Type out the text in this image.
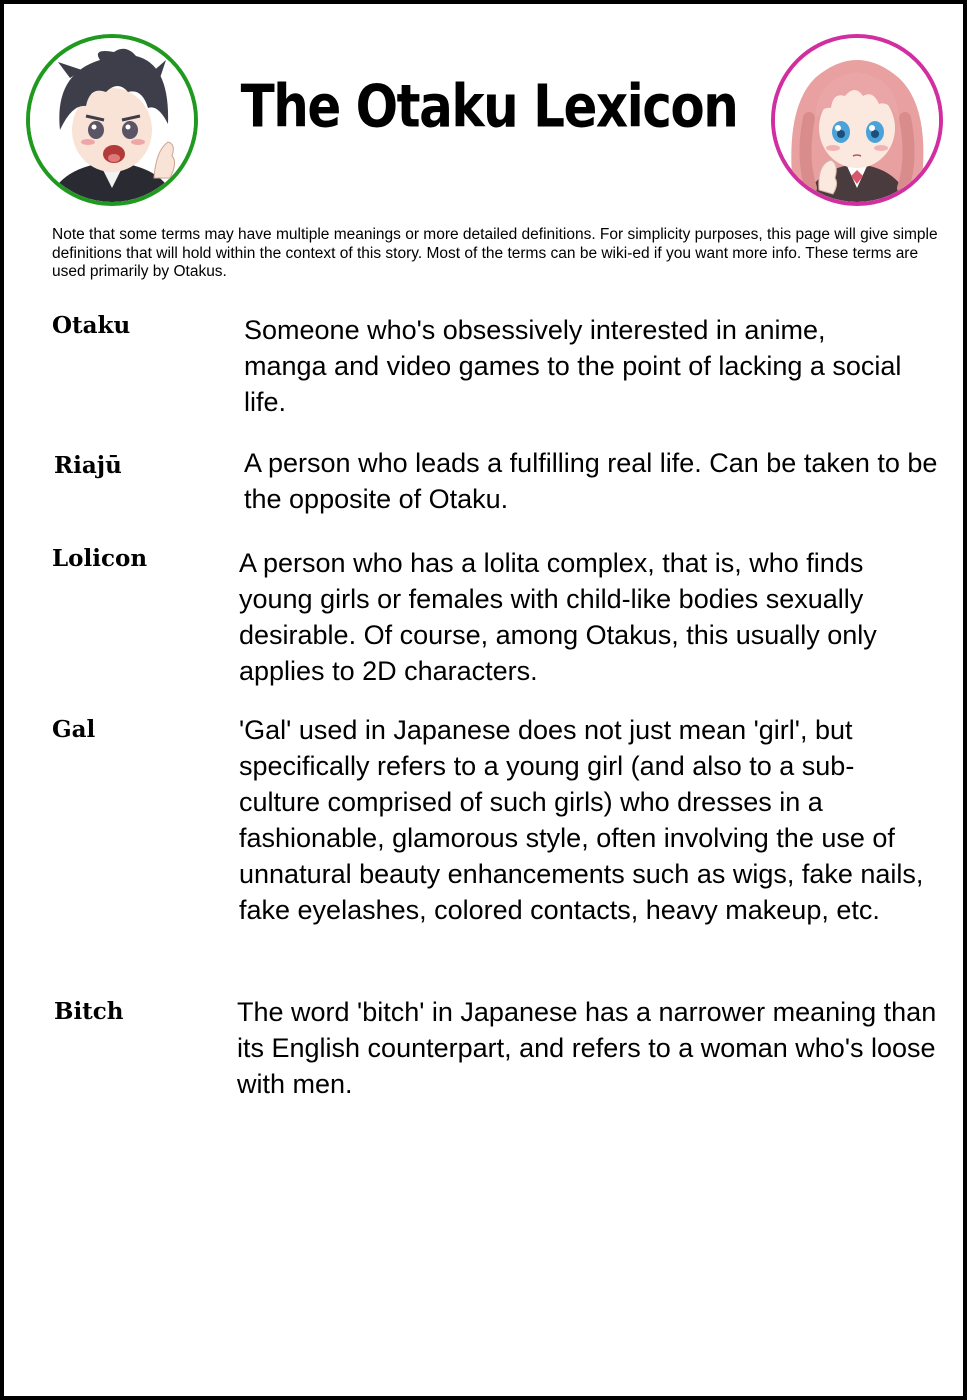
The Otaku Lexicon
Note that some terms may have multiple meanings or more detailed definitions. For simplicity purposes, this page will give simple definitions that will hold within the context of this story. Most of the terms can be wiki-ed if you want more info. These terms are used primarily by Otakus.
Otaku	Someone who's obsessively interested in anime, manga and video games to the point of lacking a social life.
Riajū	A person who leads a fulfilling real life. Can be taken to be the opposite of Otaku.
Lolicon	A person who has a lolita complex, that is, who finds young girls or females with child-like bodies sexually desirable. Of course, among Otakus, this usually only applies to 2D characters.
Gal	'Gal' used in Japanese does not just mean 'girl', but specifically refers to a young girl (and also to a sub-culture comprised of such girls) who dresses in a fashionable, glamorous style, often involving the use of unnatural beauty enhancements such as wigs, fake nails, fake eyelashes, colored contacts, heavy makeup, etc.
Bitch	The word 'bitch' in Japanese has a narrower meaning than its English counterpart, and refers to a woman who's loose with men.
